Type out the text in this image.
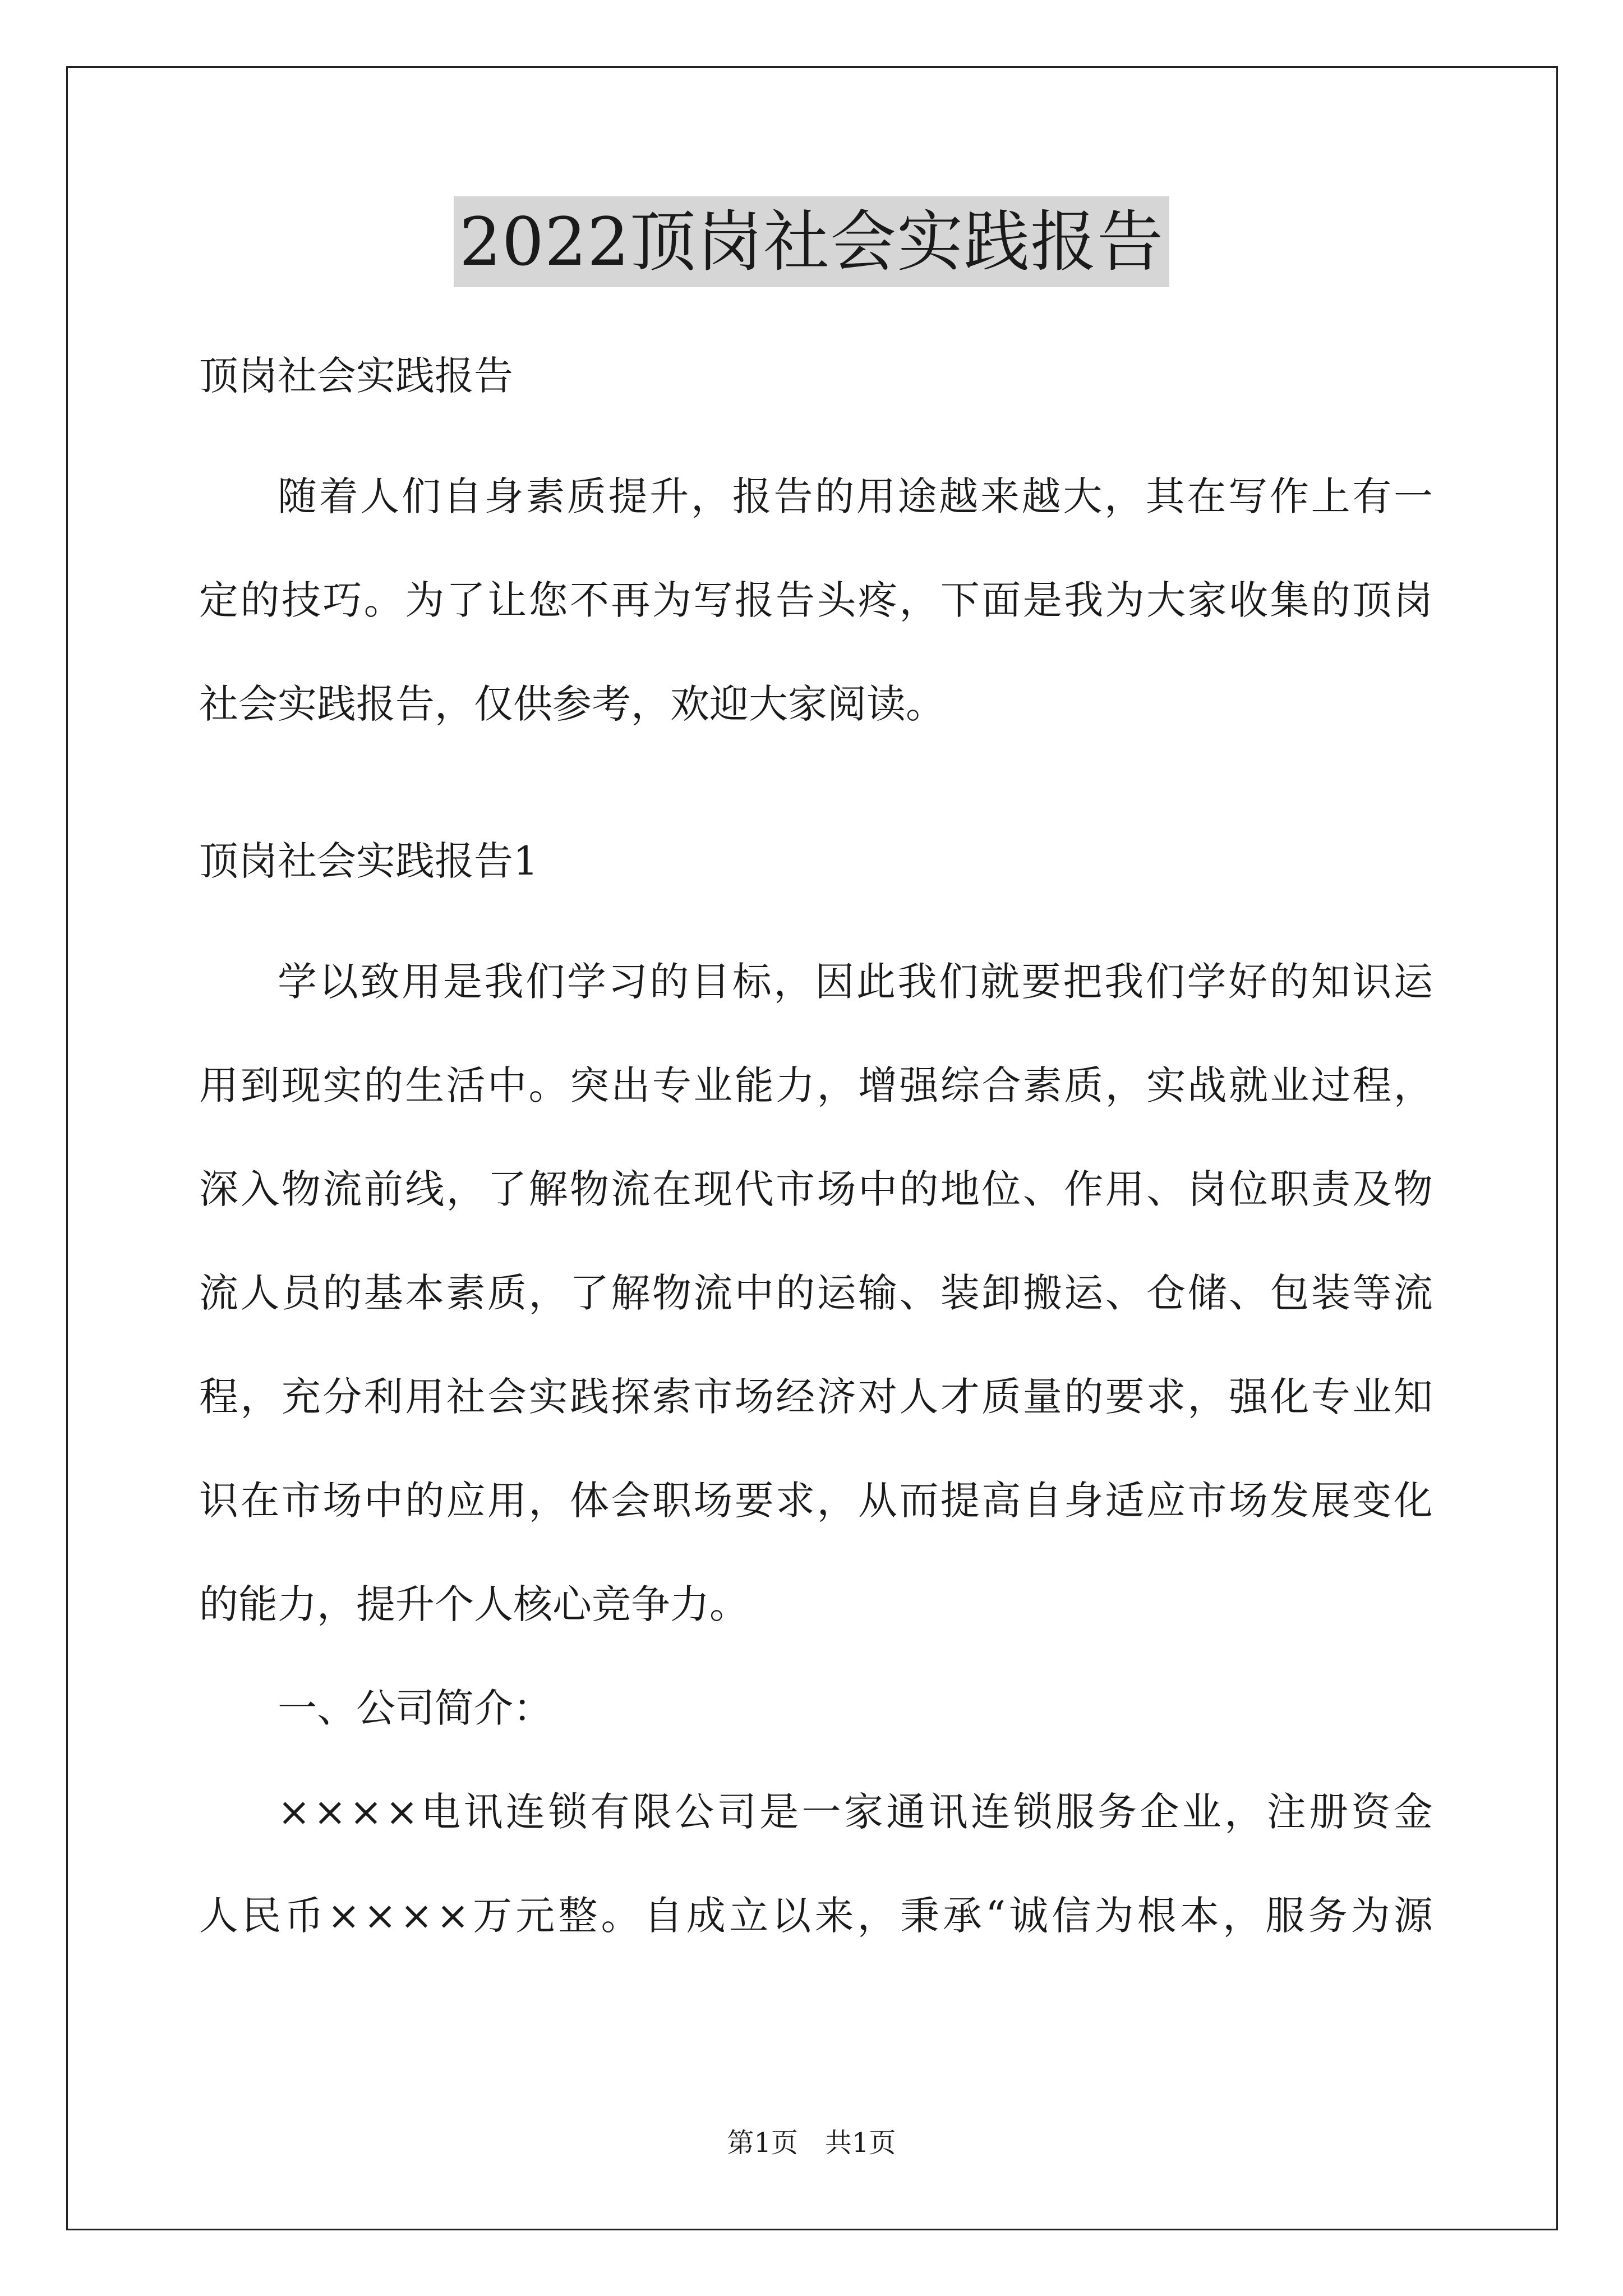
2022顶岗社会实践报告
顶岗社会实践报告
随 着 人 们 自 身 素 质 提 升 ， 报 告 的 用 途 越 来 越 大 ， 其 在 写 作 上 有 一
定 的 技 巧 。 为 了 让 您 不 再 为 写 报 告 头 疼 ， 下 面 是 我 为 大 家 收 集 的 顶 岗
社会实践报告，仅供参考，欢迎大家阅读。
顶岗社会实践报告1
学 以 致 用 是 我 们 学 习 的 目 标 ， 因 此 我 们 就 要 把 我 们 学 好 的 知 识 运
用 到 现 实 的 生 活 中 。 突 出 专 业 能 力 ， 增 强 综 合 素 质 ， 实 战 就 业 过 程 ，
深 入 物 流 前 线 ， 了 解 物 流 在 现 代 市 场 中 的 地 位 、 作 用 、 岗 位 职 责 及 物
流 人 员 的 基 本 素 质 ， 了 解 物 流 中 的 运 输 、 装 卸 搬 运 、 仓 储 、 包 装 等 流
程 ， 充 分 利 用 社 会 实 践 探 索 市 场 经 济 对 人 才 质 量 的 要 求 ， 强 化 专 业 知
识 在 市 场 中 的 应 用 ， 体 会 职 场 要 求 ， 从 而 提 高 自 身 适 应 市 场 发 展 变 化
的能力，提升个人核心竞争力。
一、公司简介：
× × × × 电 讯 连 锁 有 限 公 司 是 一 家 通 讯 连 锁 服 务 企 业 ， 注 册 资 金
人 民 币 × × × × 万 元 整 。 自 成 立 以 来 ， 秉 承 “ 诚 信 为 根 本 ， 服 务 为 源
第1页　共1页
